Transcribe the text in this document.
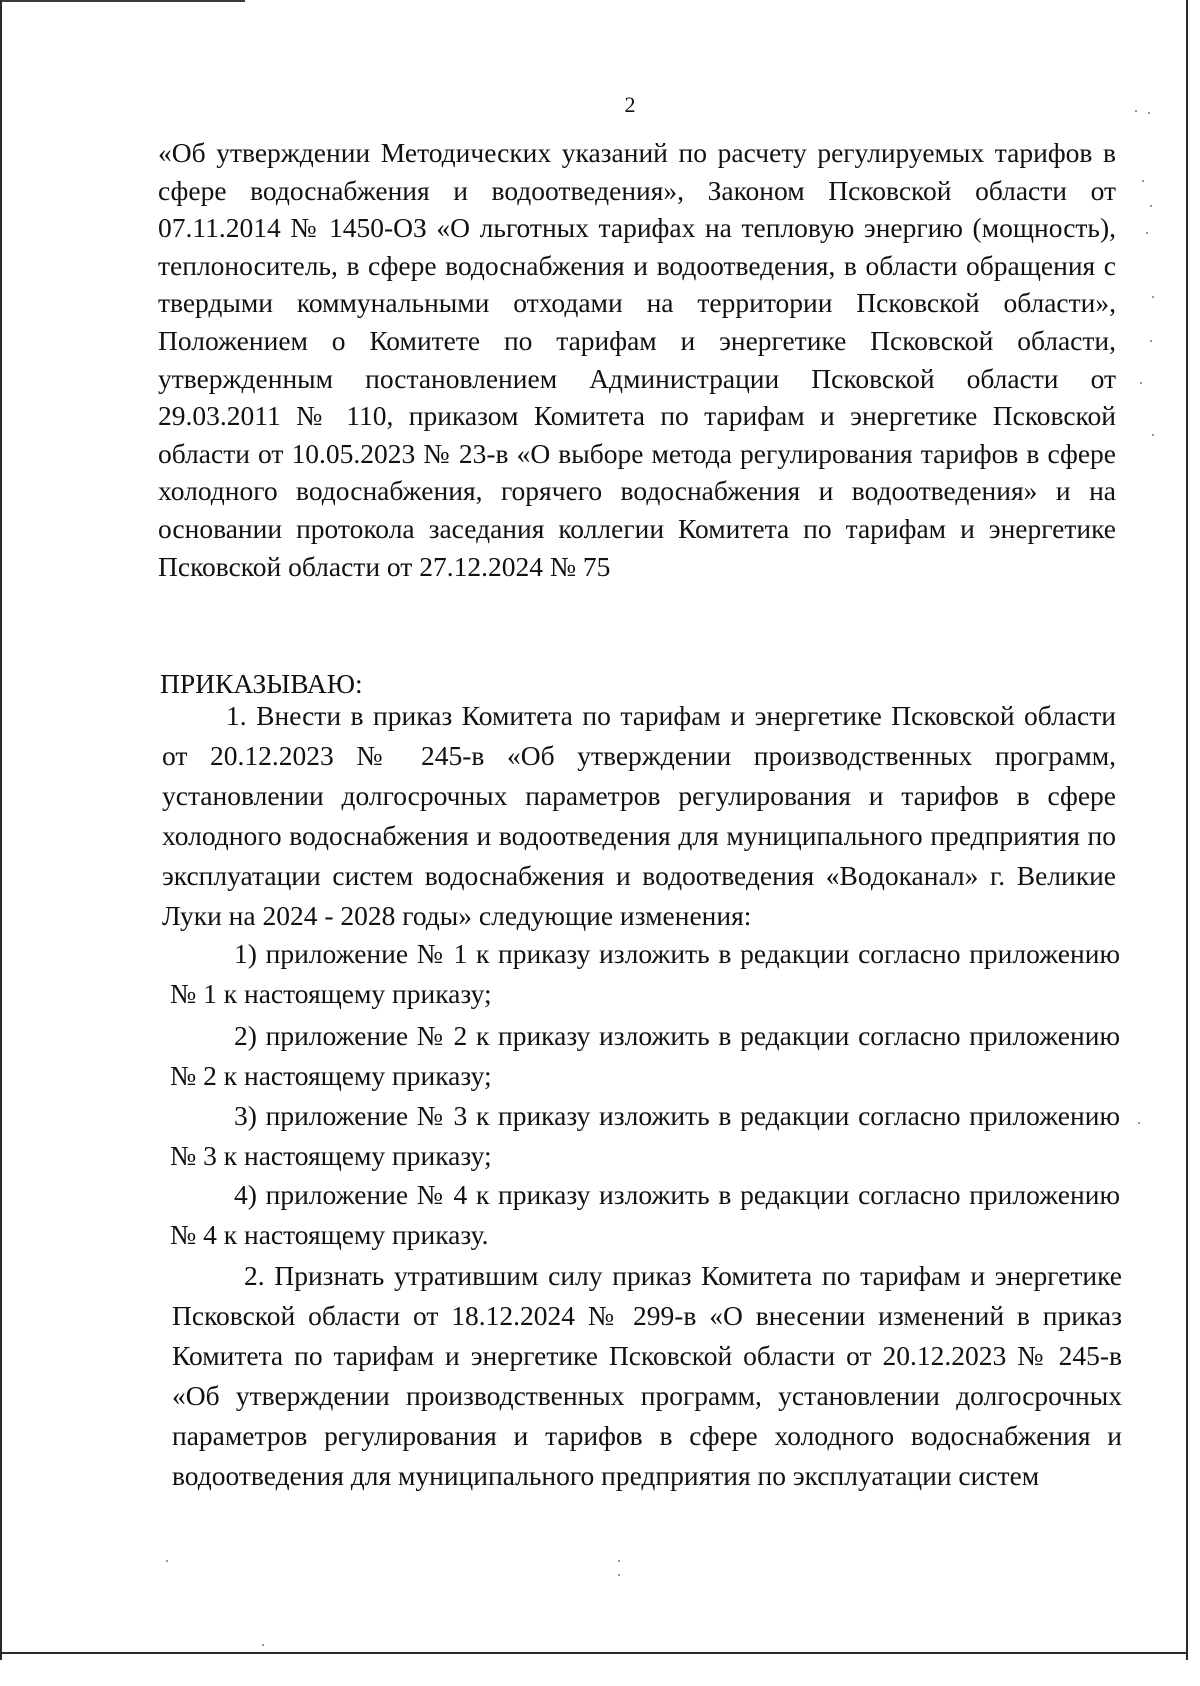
2
«Об утверждении Методических указаний по расчету регулируемых тарифов в сфере водоснабжения и водоотведения», Законом Псковской области от 07.11.2014 № 1450-ОЗ «О льготных тарифах на тепловую энергию (мощность), теплоноситель, в сфере водоснабжения и водоотведения, в области обращения с твердыми коммунальными отходами на территории Псковской области», Положением о Комитете по тарифам и энергетике Псковской области, утвержденным постановлением Администрации Псковской области от 29.03.2011 № 110, приказом Комитета по тарифам и энергетике Псковской области от 10.05.2023 № 23-в «О выборе метода регулирования тарифов в сфере холодного водоснабжения, горячего водоснабжения и водоотведения» и на основании протокола заседания коллегии Комитета по тарифам и энергетике Псковской области от 27.12.2024 № 75
ПРИКАЗЫВАЮ:
1. Внести в приказ Комитета по тарифам и энергетике Псковской области от 20.12.2023 № 245-в «Об утверждении производственных программ, установлении долгосрочных параметров регулирования и тарифов в сфере холодного водоснабжения и водоотведения для муниципального предприятия по эксплуатации систем водоснабжения и водоотведения «Водоканал» г. Великие Луки на 2024 - 2028 годы» следующие изменения:
1) приложение № 1 к приказу изложить в редакции согласно приложению № 1 к настоящему приказу;
2) приложение № 2 к приказу изложить в редакции согласно приложению № 2 к настоящему приказу;
3) приложение № 3 к приказу изложить в редакции согласно приложению № 3 к настоящему приказу;
4) приложение № 4 к приказу изложить в редакции согласно приложению № 4 к настоящему приказу.
2. Признать утратившим силу приказ Комитета по тарифам и энергетике Псковской области от 18.12.2024 № 299-в «О внесении изменений в приказ Комитета по тарифам и энергетике Псковской области от 20.12.2023 № 245-в «Об утверждении производственных программ, установлении долгосрочных параметров регулирования и тарифов в сфере холодного водоснабжения и водоотведения для муниципального предприятия по эксплуатации систем
